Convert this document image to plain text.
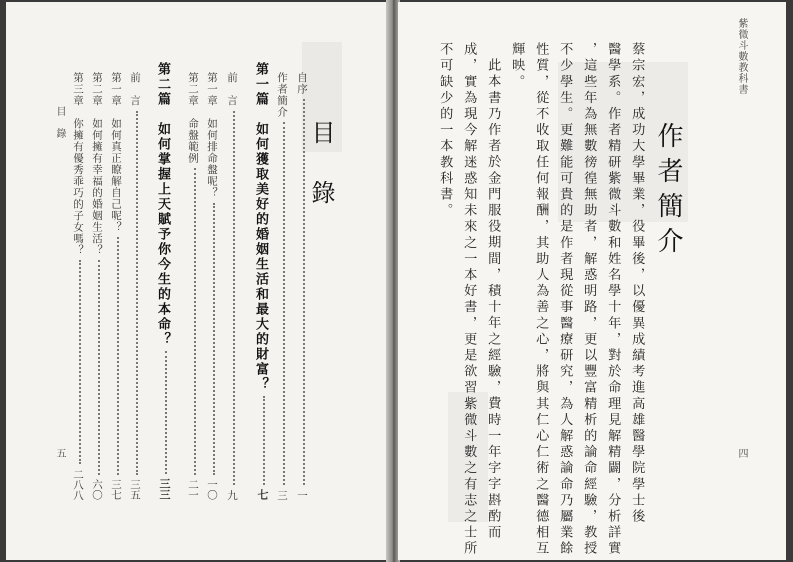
目　錄
自序
一
作者簡介
三
第一篇　如何獲取美好的婚姻生活和最大的財富？
七
前　言
九
第一章　如何排命盤呢？
一〇
第二章　命盤範例
二一
第二篇　如何掌握上天賦予你今生的本命？
三三
前　言
三五
第一章　如何真正瞭解自己呢？
三七
第二章　如何擁有幸福的婚姻生活？
六〇
第三章　你擁有優秀乖巧的子女嗎？
二八八
目　錄
五
紫微斗數教科書
四
作者簡介
蔡宗宏，成功大學畢業，役畢後，以優異成績考進高雄醫學院學士後
醫學系。作者精研紫微斗數和姓名學十年，對於命理見解精闢，分析詳實
，這些年為無數徬徨無助者，解惑明路，更以豐富精析的論命經驗，教授
不少學生。更難能可貴的是作者現從事醫療研究，為人解惑論命乃屬業餘
性質，從不收取任何報酬，其助人為善之心，將與其仁心仁術之醫德相互
輝映。
此本書乃作者於金門服役期間，積十年之經驗，費時一年字字斟酌而
成，實為現今解迷惑知未來之一本好書，更是欲習紫微斗數之有志之士所
不可缺少的一本教科書。
